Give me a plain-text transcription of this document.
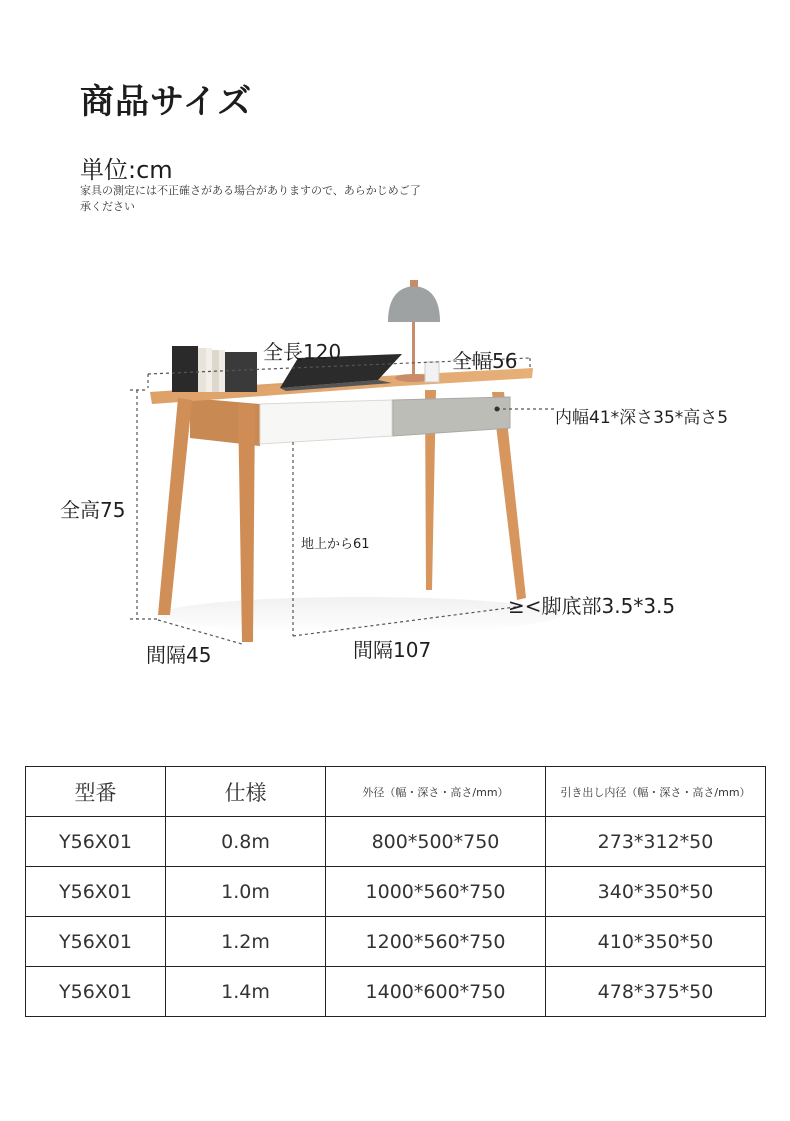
商品サイズ
単位:cm
家具の測定には不正確さがある場合がありますので、あらかじめご了承ください
全長120	全幅56
内幅41*深さ35*高さ5
全高75
地上から61
≥<脚底部3.5*3.5
間隔45	間隔107
型番	仕様	外径（幅・深さ・高さ/mm）	引き出し内径（幅・深さ・高さ/mm）
Y56X01	0.8m	800*500*750	273*312*50
Y56X01	1.0m	1000*560*750	340*350*50
Y56X01	1.2m	1200*560*750	410*350*50
Y56X01	1.4m	1400*600*750	478*375*50
